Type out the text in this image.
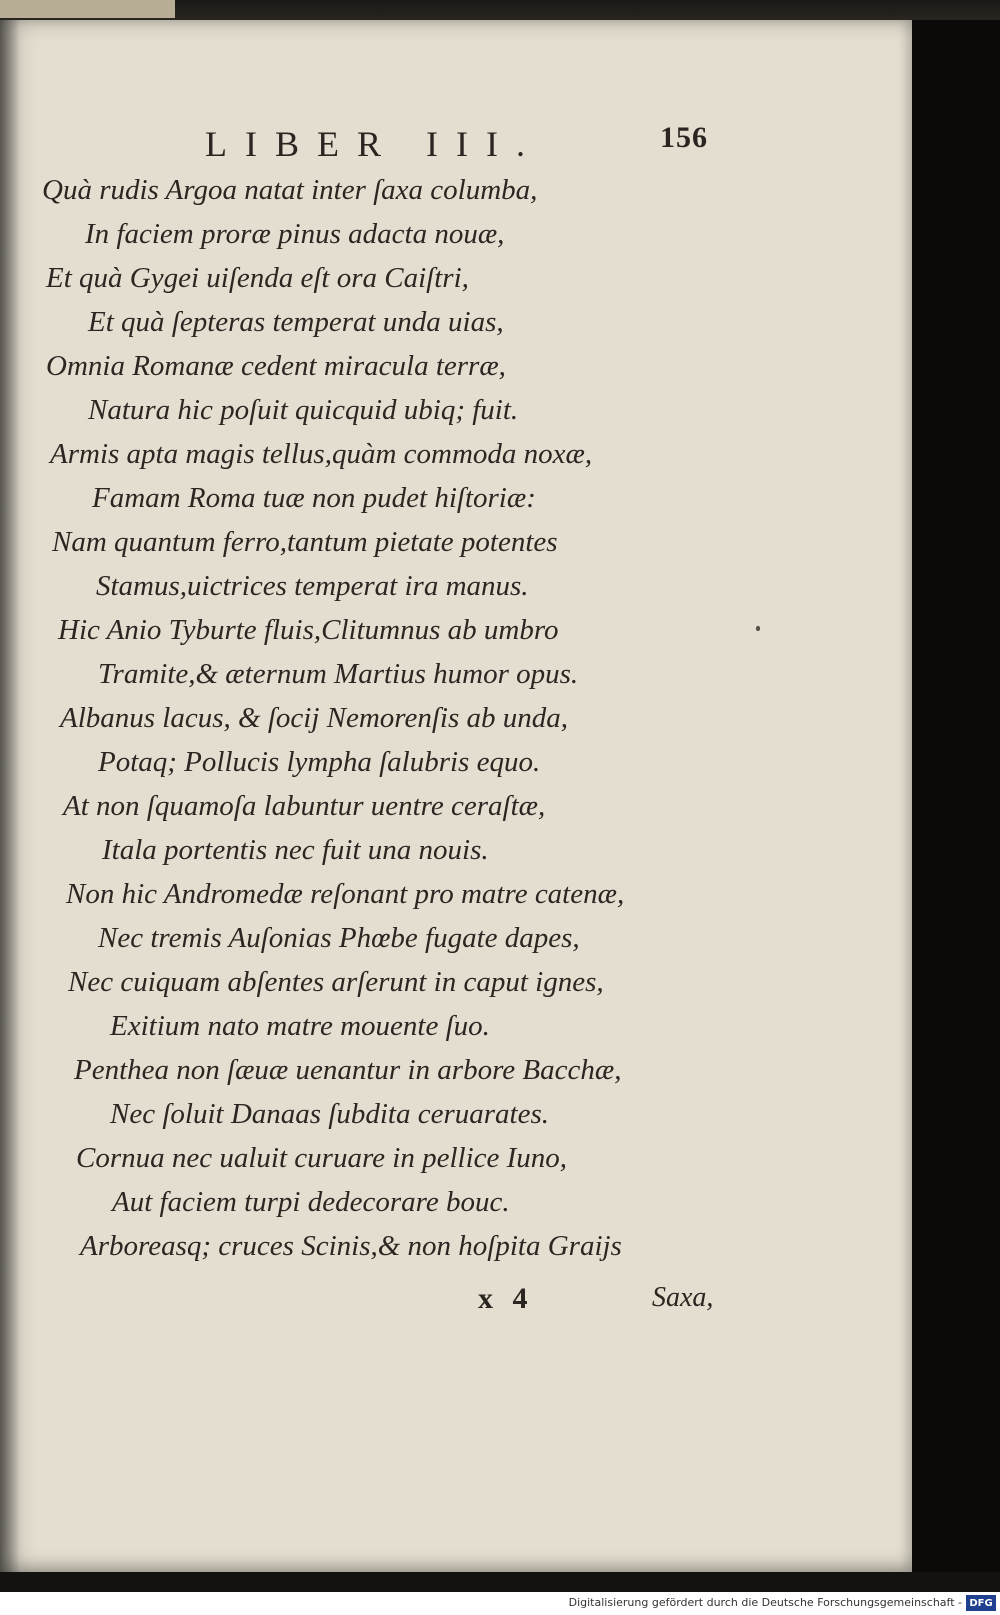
LIBER III.	156
Quà rudis Argoa natat inter ſaxa columba,
In faciem proræ pinus adacta nouæ,
Et quà Gygei uiſenda eſt ora Caiſtri,
Et quà ſepteras temperat unda uias,
Omnia Romanæ cedent miracula terræ,
Natura hic poſuit quicquid ubiq; fuit.
Armis apta magis tellus,quàm commoda noxæ,
Famam Roma tuæ non pudet hiſtoriæ:
Nam quantum ferro,tantum pietate potentes
Stamus,uictrices temperat ira manus.
Hic Anio Tyburte fluis,Clitumnus ab umbro
Tramite,& æternum Martius humor opus.
Albanus lacus, & ſocij Nemorenſis ab unda,
Potaq; Pollucis lympha ſalubris equo.
At non ſquamoſa labuntur uentre ceraſtæ,
Itala portentis nec fuit una nouis.
Non hic Andromedæ reſonant pro matre catenæ,
Nec tremis Auſonias Phœbe fugate dapes,
Nec cuiquam abſentes arſerunt in caput ignes,
Exitium nato matre mouente ſuo.
Penthea non ſæuæ uenantur in arbore Bacchæ,
Nec ſoluit Danaas ſubdita ceruarates.
Cornua nec ualuit curuare in pellice Iuno,
Aut faciem turpi dedecorare bouc.
Arboreasq; cruces Scinis,& non hoſpita Graijs
x 4	Saxa,
Digitalisierung gefördert durch die Deutsche Forschungsgemeinschaft - DFG
